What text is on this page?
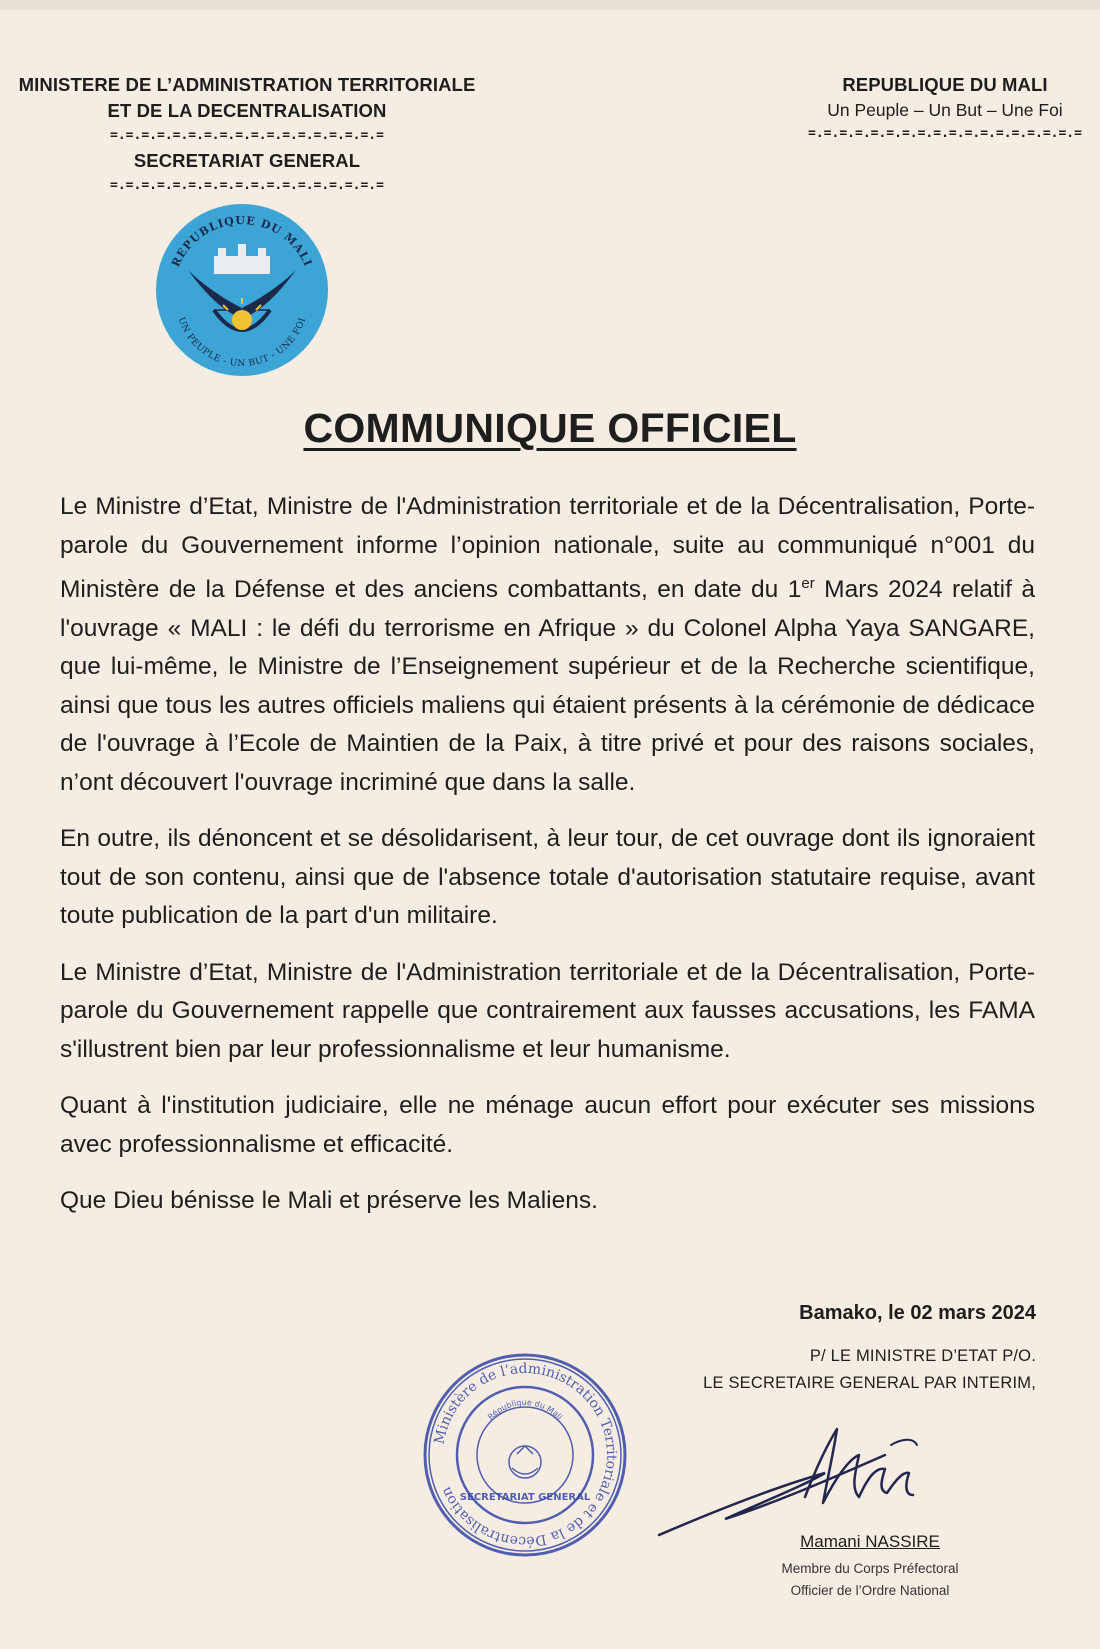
MINISTERE DE L’ADMINISTRATION TERRITORIALE
ET DE LA DECENTRALISATION
=.=.=.=.=.=.=.=.=.=.=.=.=.=.=.=.=.=
SECRETARIAT GENERAL
=.=.=.=.=.=.=.=.=.=.=.=.=.=.=.=.=.=
REPUBLIQUE DU MALI
Un Peuple – Un But – Une Foi
=.=.=.=.=.=.=.=.=.=.=.=.=.=.=.=.=.=
REPUBLIQUE DU MALI
UN PEUPLE - UN BUT - UNE FOI
COMMUNIQUE OFFICIEL

Le Ministre d’Etat, Ministre de l'Administration territoriale et de la Décentralisation, Porte-parole du Gouvernement informe l’opinion nationale, suite au communiqué n°001 du Ministère de la Défense et des anciens combattants, en date du 1er Mars 2024 relatif à l'ouvrage « MALI : le défi du terrorisme en Afrique » du Colonel Alpha Yaya SANGARE, que lui-même, le Ministre de l’Enseignement supérieur et de la Recherche scientifique, ainsi que tous les autres officiels maliens qui étaient présents à la cérémonie de dédicace de l'ouvrage à l’Ecole de Maintien de la Paix, à titre privé et pour des raisons sociales, n’ont découvert l'ouvrage incriminé que dans la salle.

En outre, ils dénoncent et se désolidarisent, à leur tour, de cet ouvrage dont ils ignoraient tout de son contenu, ainsi que de l'absence totale d'autorisation statutaire requise, avant toute publication de la part d'un militaire.

Le Ministre d’Etat, Ministre de l'Administration territoriale et de la Décentralisation, Porte-parole du Gouvernement rappelle que contrairement aux fausses accusations, les FAMA s'illustrent bien par leur professionnalisme et leur humanisme.

Quant à l'institution judiciaire, elle ne ménage aucun effort pour exécuter ses missions avec professionnalisme et efficacité.

Que Dieu bénisse le Mali et préserve les Maliens.

Bamako, le 02 mars 2024
P/ LE MINISTRE D’ETAT P/O.
LE SECRETAIRE GENERAL PAR INTERIM,
Ministère de l’administration Territoriale et de la Décentralisation
République du Mali
SECRETARIAT GENERAL
Mamani NASSIRE
Membre du Corps Préfectoral
Officier de l’Ordre National
